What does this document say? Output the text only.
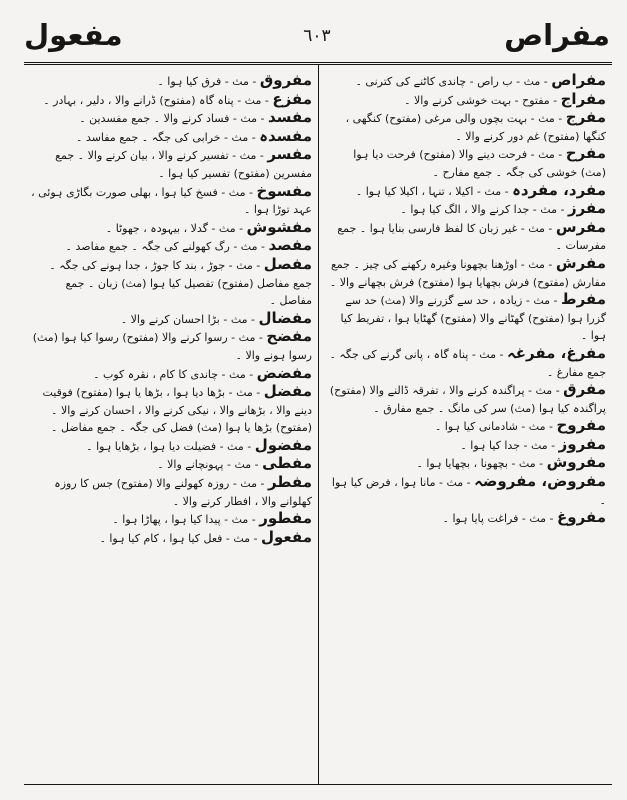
مفراص
٦٠٣
مفعول

مفراص - مث - ب راص - چاندی کاٹنے کی کترنی ۔

مفراج - مفتوح - بہت خوشی کرنے والا ۔

مفرج - مث - بہت بچوں والی مرغی (مفتوح) کنگھی ، کنگھا (مفتوح) غم دور کرنے والا ۔

مفرح - مث - فرحت دینے والا (مفتوح) فرحت دیا ہوا (مث) خوشی کی جگہ ۔ جمع مفارح ۔

مفرد، مفردہ - مث - اکیلا ، تنہا ، اکیلا کیا ہوا ۔

مفرز - مث - جدا کرنے والا ، الگ کیا ہوا ۔

مفرس - مث - غیر زبان کا لفظ فارسی بنایا ہوا ۔ جمع مفرسات ۔

مفرش - مث - اوڑھنا بچھونا وغیرہ رکھنے کی چیز ۔ جمع مفارش (مفتوح) فرش بچھایا ہوا (مفتوح) فرش بچھانے والا ۔

مفرط - مث - زیادہ ، حد سے گزرنے والا (مث) حد سے گزرا ہوا (مفتوح) گھٹانے والا (مفتوح) گھٹایا ہوا ، تفریط کیا ہوا ۔

مفرغ، مفرغہ - مث - پناہ گاہ ، پانی گرنے کی جگہ ۔ جمع مفارغ ۔

مفرق - مث - پراگندہ کرنے والا ، تفرقہ ڈالنے والا (مفتوح) پراگندہ کیا ہوا (مث) سر کی مانگ ۔ جمع مفارق ۔

مفروح - مث - شادمانی کیا ہوا ۔

مفروز - مث - جدا کیا ہوا ۔

مفروش - مث - بچھونا ، بچھایا ہوا ۔

مفروض، مفروضہ - مث - مانا ہوا ، فرض کیا ہوا ۔

مفروغ - مث - فراغت پایا ہوا ۔

مفروق - مث - فرق کیا ہوا ۔

مفزع - مث - پناہ گاہ (مفتوح) ڈرانے والا ، دلیر ، بہادر ۔

مفسد - مث - فساد کرنے والا ۔ جمع مفسدین ۔

مفسدہ - مث - خرابی کی جگہ ۔ جمع مفاسد ۔

مفسر - مث - تفسیر کرنے والا ، بیان کرنے والا ۔ جمع مفسرین (مفتوح) تفسیر کیا ہوا ۔

مفسوخ - مث - فسخ کیا ہوا ، بھلی صورت بگاڑی ہوئی ، عہد توڑا ہوا ۔

مفشوش - مث - گدلا ، بیہودہ ، جھوٹا ۔

مفصد - مث - رگ کھولنے کی جگہ ۔ جمع مفاصد ۔

مفصل - مث - جوڑ ، بند کا جوڑ ، جدا ہونے کی جگہ ۔ جمع مفاصل (مفتوح) تفصیل کیا ہوا (مث) زبان ۔ جمع مفاصل ۔

مفضال - مث - بڑا احسان کرنے والا ۔

مفضح - مث - رسوا کرنے والا (مفتوح) رسوا کیا ہوا (مث) رسوا ہونے والا ۔

مفضض - مث - چاندی کا کام ، نقرہ کوب ۔

مفضل - مث - بڑھا دیا ہوا ، بڑھا یا ہوا (مفتوح) فوقیت دینے والا ، بڑھانے والا ، نیکی کرنے والا ، احسان کرنے والا ۔ (مفتوح) بڑھا یا ہوا (مث) فضل کی جگہ ۔ جمع مفاضل ۔

مفضول - مث - فضیلت دیا ہوا ، بڑھایا ہوا ۔

مفطی - مث - پہونچانے والا ۔

مفطر - مث - روزہ کھولنے والا (مفتوح) جس کا روزہ کھلوانے والا ، افطار کرنے والا ۔

مفطور - مث - پیدا کیا ہوا ، پھاڑا ہوا ۔

مفعول - مث - فعل کیا ہوا ، کام کیا ہوا ۔
